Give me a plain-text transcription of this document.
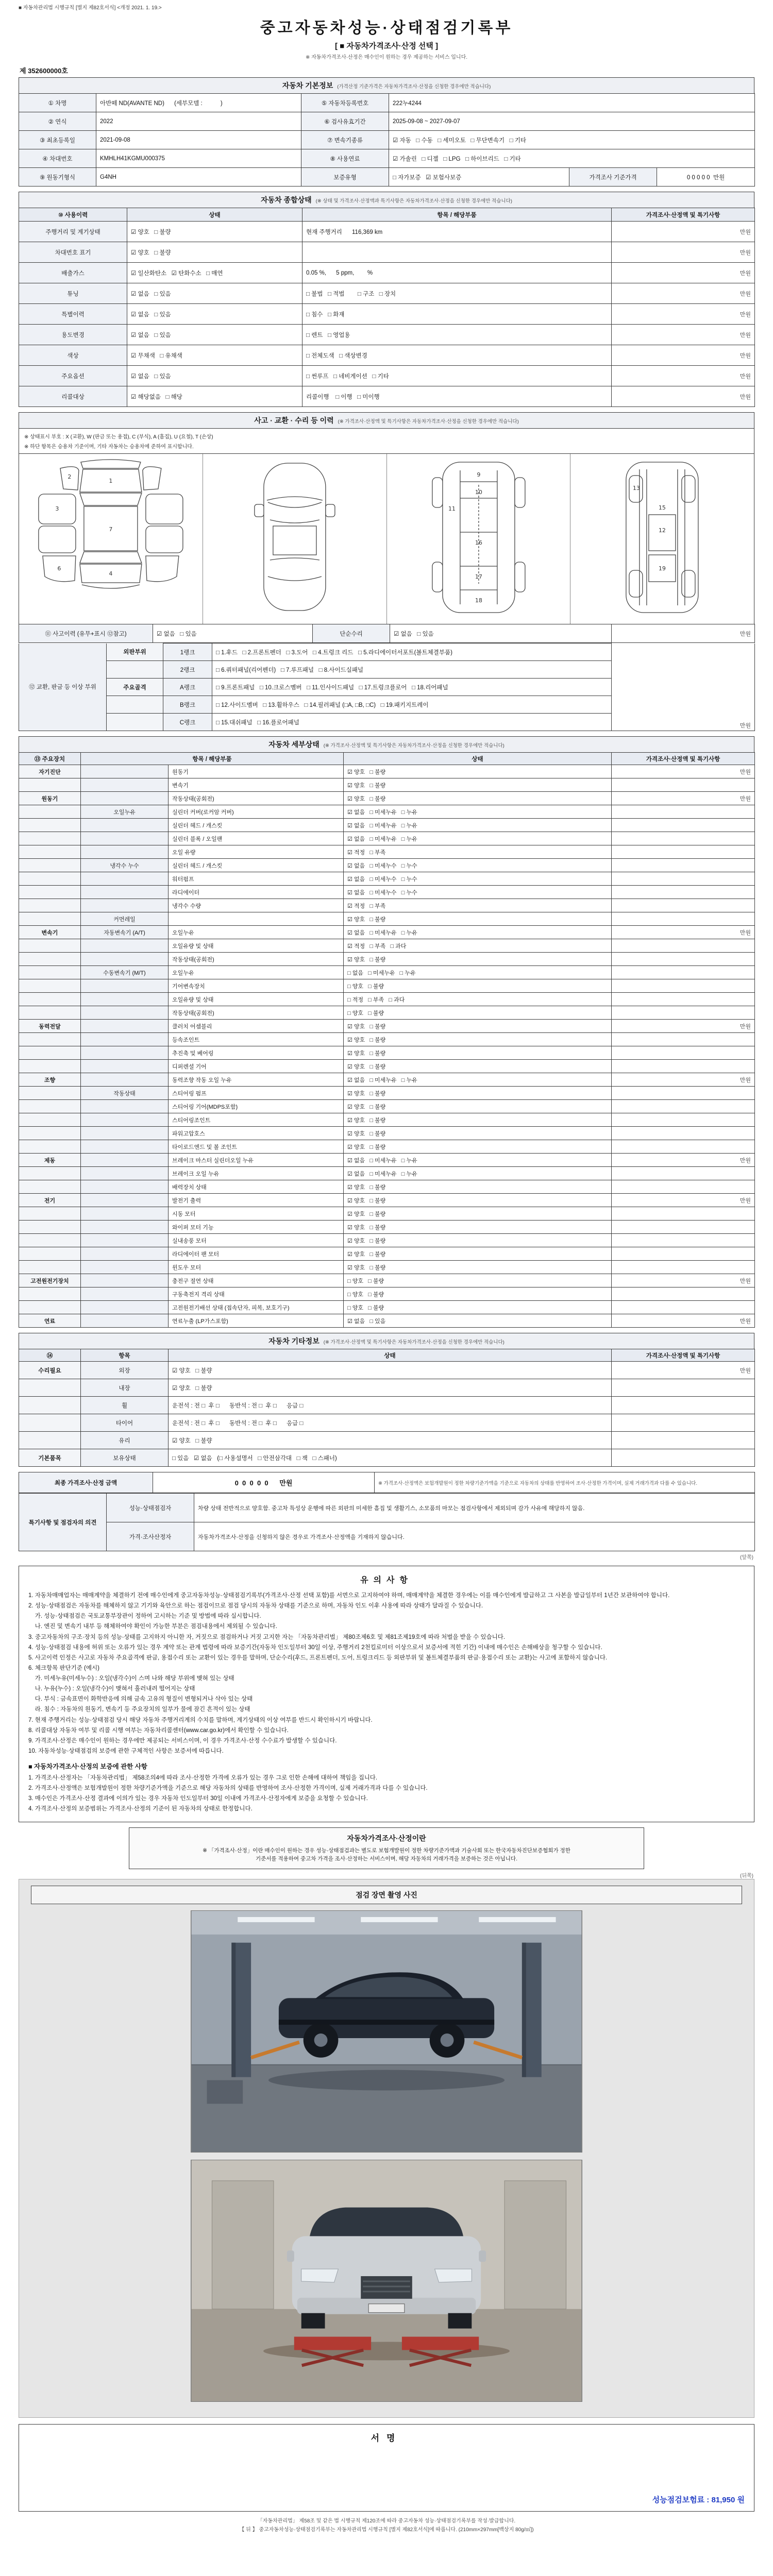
■ 자동차관리법 시행규칙 [별지 제82호서식] <개정 2021. 1. 19.>
중고자동차성능·상태점검기록부
[ ■ 자동차가격조사·산정 선택 ]
※ 자동차가격조사·산정은 매수인이 원하는 경우 제공하는 서비스 입니다.
제 352600000호
자동차 기본정보 (가격산정 기준가격은 자동차가격조사·산정을 신청한 경우에만 적습니다)
① 차명	아반떼 ND(AVANTE ND)      (세부모델 :           )	⑤ 자동차등록번호	222누4244		
② 연식	2022	⑥ 검사유효기간	2025-09-08 ~ 2027-09-07		
③ 최초등록일	2021-09-08	⑦ 변속기종류	☑ 자동   □ 수동   □ 세미오토   □ 무단변속기   □ 기타		
④ 차대번호	KMHLH41KGMU000375	⑧ 사용연료	☑ 가솔린   □ 디젤   □ LPG   □ 하이브리드   □ 기타		
⑨ 원동기형식	G4NH	보증유형	□ 자가보증   ☑ 보험사보증	가격조사 기준가격	0 0 0 0 0  만원
자동차 종합상태 (※ 상태 및 가격조사·산정액과 특기사항은 자동차가격조사·산정을 신청한 경우에만 적습니다)
⑩ 사용이력	상태	항목 / 해당부품	가격조사·산정액 및 특기사항
주행거리 및 계기상태	☑ 양호   □ 불량	현재 주행거리      116,369 km	만원
차대번호 표기	☑ 양호   □ 불량		만원
배출가스	☑ 일산화탄소   ☑ 탄화수소   □ 매연	0.05 %,      5 ppm,        %	만원
튜닝	☑ 없음   □ 있음	□ 불법   □ 적법        □ 구조   □ 장치	만원
특별이력	☑ 없음   □ 있음	□ 침수   □ 화재	만원
용도변경	☑ 없음   □ 있음	□ 렌트   □ 영업용	만원
색상	☑ 무채색   □ 유채색	□ 전체도색   □ 색상변경	만원
주요옵션	☑ 없음   □ 있음	□ 썬루프   □ 네비게이션   □ 기타	만원
리콜대상	☑ 해당없음   □ 해당	리콜이행    □ 이행   □ 미이행	만원
사고 · 교환 · 수리 등 이력 (※ 가격조사·산정액 및 특기사항은 자동차가격조사·산정을 신청한 경우에만 적습니다)
※ 상태표시 부호 : X (교환), W (판금 또는 용접), C (부식), A (흠집), U (요철), T (손상)
※ 하단 항목은 승용차 기준이며, 기타 자동차는 승용차에 준하여 표시합니다.
1
2
3
4
6
7
9
10
11
16
17
18
12
13
15
19
⑪ 사고이력 (유무+표시 ⑫참고)	☑ 없음   □ 있음	단순수리	☑ 없음   □ 있음	만원
⑫ 교환, 판금 등 이상 부위	외판부위	1랭크	□ 1.후드   □ 2.프론트펜더   □ 3.도어   □ 4.트렁크 리드   □ 5.라디에이터서포트(볼트체결부품)	만원
		2랭크	□ 6.쿼터패널(리어펜더)   □ 7.루프패널   □ 8.사이드실패널	
	주요골격	A랭크	□ 9.프론트패널   □ 10.크로스멤버   □ 11.인사이드패널   □ 17.트렁크플로어   □ 18.리어패널	
		B랭크	□ 12.사이드멤버   □ 13.휠하우스   □ 14.필러패널 (□A, □B, □C)   □ 19.패키지트레이	
		C랭크	□ 15.대쉬패널   □ 16.플로어패널	
자동차 세부상태 (※ 가격조사·산정액 및 특기사항은 자동차가격조사·산정을 신청한 경우에만 적습니다)
⑬ 주요장치	항목 / 해당부품		상태	가격조사·산정액 및 특기사항
자기진단		원동기	☑ 양호   □ 불량	만원
		변속기	☑ 양호   □ 불량	
원동기		작동상태(공회전)	☑ 양호   □ 불량	만원
	오일누유	실린더 커버(로커암 커버)	☑ 없음   □ 미세누유   □ 누유	
		실린더 헤드 / 개스킷	☑ 없음   □ 미세누유   □ 누유	
		실린더 블록 / 오일팬	☑ 없음   □ 미세누유   □ 누유	
		오일 유량	☑ 적정   □ 부족	
	냉각수 누수	실린더 헤드 / 개스킷	☑ 없음   □ 미세누수   □ 누수	
		워터펌프	☑ 없음   □ 미세누수   □ 누수	
		라디에이터	☑ 없음   □ 미세누수   □ 누수	
		냉각수 수량	☑ 적정   □ 부족	
	커먼레일		☑ 양호   □ 불량	
변속기	자동변속기 (A/T)	오일누유	☑ 없음   □ 미세누유   □ 누유	만원
		오일유량 및 상태	☑ 적정   □ 부족   □ 과다	
		작동상태(공회전)	☑ 양호   □ 불량	
	수동변속기 (M/T)	오일누유	□ 없음   □ 미세누유   □ 누유	
		기어변속장치	□ 양호   □ 불량	
		오일유량 및 상태	□ 적정   □ 부족   □ 과다	
		작동상태(공회전)	□ 양호   □ 불량	
동력전달		클러치 어셈블리	☑ 양호   □ 불량	만원
		등속조인트	☑ 양호   □ 불량	
		추진축 및 베어링	☑ 양호   □ 불량	
		디퍼렌셜 기어	☑ 양호   □ 불량	
조향		동력조향 작동 오일 누유	☑ 없음   □ 미세누유   □ 누유	만원
	작동상태	스티어링 펌프	☑ 양호   □ 불량	
		스티어링 기어(MDPS포함)	☑ 양호   □ 불량	
		스티어링조인트	☑ 양호   □ 불량	
		파워고압호스	☑ 양호   □ 불량	
		타이로드엔드 및 볼 조인트	☑ 양호   □ 불량	
제동		브레이크 마스터 실린더오일 누유	☑ 없음   □ 미세누유   □ 누유	만원
		브레이크 오일 누유	☑ 없음   □ 미세누유   □ 누유	
		배력장치 상태	☑ 양호   □ 불량	
전기		발전기 출력	☑ 양호   □ 불량	만원
		시동 모터	☑ 양호   □ 불량	
		와이퍼 모터 기능	☑ 양호   □ 불량	
		실내송풍 모터	☑ 양호   □ 불량	
		라디에이터 팬 모터	☑ 양호   □ 불량	
		윈도우 모터	☑ 양호   □ 불량	
고전원전기장치		충전구 절연 상태	□ 양호   □ 불량	만원
		구동축전지 격리 상태	□ 양호   □ 불량	
		고전원전기배선 상태 (접속단자, 피복, 보호기구)	□ 양호   □ 불량	
연료		연료누출 (LP가스포함)	☑ 없음   □ 있음	만원
자동차 기타정보 (※ 가격조사·산정액 및 특기사항은 자동차가격조사·산정을 신청한 경우에만 적습니다)
⑭	항목	상태	가격조사·산정액 및 특기사항
수리필요	외장	☑ 양호   □ 불량	만원
	내장	☑ 양호   □ 불량	
	휠	운전석 : 전 □  후 □      동반석 : 전 □  후 □      응급 □	
	타이어	운전석 : 전 □  후 □      동반석 : 전 □  후 □      응급 □	
	유리	☑ 양호   □ 불량	
기본품목	보유상태	□ 있음   ☑ 없음   (□ 사용설명서   □ 안전삼각대   □ 잭   □ 스패너)	
최종 가격조사·산정 금액	0  0  0  0  0      만원	※ 가격조사·산정액은 보험개발원이 정한 차량기준가액을 기준으로 자동차의 상태를 반영하여 조사·산정한 가격이며, 실제 거래가격과 다를 수 있습니다.
특기사항 및 점검자의 의견	성능·상태점검자	차량 상태 전반적으로 양호함. 중고차 특성상 운행에 따른 외판의 미세한 흠집 및 생활기스, 소모품의 마모는 점검사항에서 제외되며 감가 사유에 해당하지 않음.
	가격·조사산정자	자동차가격조사·산정을 신청하지 않은 경우로 가격조사·산정액을 기재하지 않습니다.
(앞쪽)
유의사항
1. 자동차매매업자는 매매계약을 체결하기 전에 매수인에게 중고자동차성능·상태점검기록부(가격조사·산정 선택 포함)를 서면으로 고지하여야 하며, 매매계약을 체결한 경우에는 이를 매수인에게 발급하고 그 사본을 발급일부터 1년간 보관하여야 합니다.
2. 성능·상태점검은 자동차를 해체하지 않고 기기와 육안으로 하는 점검이므로 점검 당시의 자동차 상태를 기준으로 하며, 자동차 인도 이후 사용에 따라 상태가 달라질 수 있습니다.
가. 성능·상태점검은 국토교통부장관이 정하여 고시하는 기준 및 방법에 따라 실시합니다.
나. 엔진 및 변속기 내부 등 해체하여야 확인이 가능한 부분은 점검내용에서 제외될 수 있습니다.
3. 중고자동차의 구조·장치 등의 성능·상태를 고지하지 아니한 자, 거짓으로 점검하거나 거짓 고지한 자는 「자동차관리법」 제80조제6호 및 제81조제19호에 따라 처벌을 받을 수 있습니다.
4. 성능·상태점검 내용에 허위 또는 오류가 있는 경우 계약 또는 관계 법령에 따라 보증기간(자동차 인도일부터 30일 이상, 주행거리 2천킬로미터 이상으로서 보증서에 적힌 기간) 이내에 매수인은 손해배상을 청구할 수 있습니다.
5. 사고이력 인정은 사고로 자동차 주요골격에 판금, 용접수리 또는 교환이 있는 경우를 말하며, 단순수리(후드, 프론트펜더, 도어, 트렁크리드 등 외판부위 및 볼트체결부품의 판금·용접수리 또는 교환)는 사고에 포함하지 않습니다.
6. 체크항목 판단기준 (예시)
가. 미세누유(미세누수) : 오일(냉각수)이 스며 나와 해당 부위에 맺혀 있는 상태
나. 누유(누수) : 오일(냉각수)이 맺혀서 흘러내려 떨어지는 상태
다. 부식 : 금속표면이 화학반응에 의해 금속 고유의 형질이 변형되거나 삭아 있는 상태
라. 침수 : 자동차의 원동기, 변속기 등 주요장치의 일부가 물에 잠긴 흔적이 있는 상태
7. 현재 주행거리는 성능·상태점검 당시 해당 자동차 주행거리계의 수치를 말하며, 계기상태의 이상 여부를 반드시 확인하시기 바랍니다.
8. 리콜대상 자동차 여부 및 리콜 시행 여부는 자동차리콜센터(www.car.go.kr)에서 확인할 수 있습니다.
9. 가격조사·산정은 매수인이 원하는 경우에만 제공되는 서비스이며, 이 경우 가격조사·산정 수수료가 발생할 수 있습니다.
10. 자동차성능·상태점검의 보증에 관한 구체적인 사항은 보증서에 따릅니다.
■ 자동차가격조사·산정의 보증에 관한 사항
1. 가격조사·산정자는 「자동차관리법」 제58조의4에 따라 조사·산정한 가격에 오류가 있는 경우 그로 인한 손해에 대하여 책임을 집니다.
2. 가격조사·산정액은 보험개발원이 정한 차량기준가액을 기준으로 해당 자동차의 상태를 반영하여 조사·산정한 가격이며, 실제 거래가격과 다를 수 있습니다.
3. 매수인은 가격조사·산정 결과에 이의가 있는 경우 자동차 인도일부터 30일 이내에 가격조사·산정자에게 보증을 요청할 수 있습니다.
4. 가격조사·산정의 보증범위는 가격조사·산정의 기준이 된 자동차의 상태로 한정합니다.
자동차가격조사·산정이란
※ 「가격조사·산정」이란 매수인이 원하는 경우 성능·상태점검과는 별도로 보험개발원이 정한 차량기준가액과 기술사회 또는 한국자동차진단보증협회가 정한
기준서를 적용하여 중고차 가격을 조사·산정하는 서비스이며, 해당 자동차의 거래가격을 보증하는 것은 아닙니다.
(뒤쪽)
점검 장면 촬영 사진
서명
성능점검보험료 : 81,950 원
「자동차관리법」 제58조 및 같은 법 시행규칙 제120조에 따라 중고자동차 성능·상태점검기록부를 작성·발급합니다.
【 뒤 】 중고자동차성능·상태점검기록부는 자동차관리법 시행규칙 [별지 제82호서식]에 따릅니다. (210mm×297mm[백상지 80g/㎡])
